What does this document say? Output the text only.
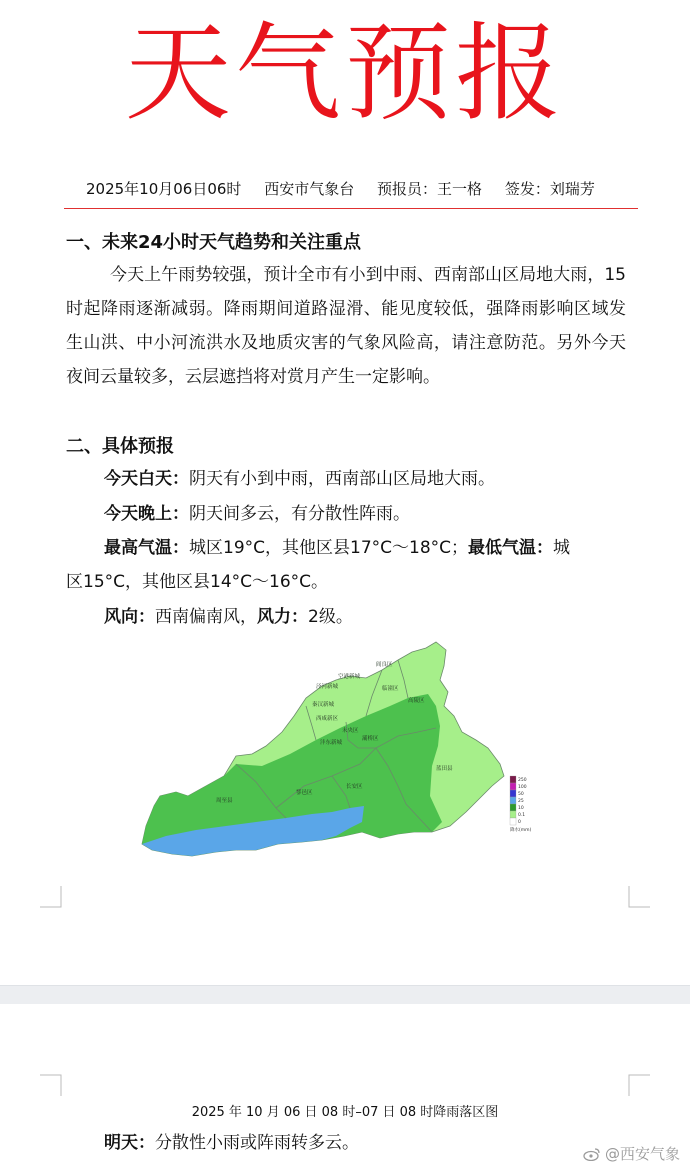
天气预报
2025年10月06日06时 西安市气象台 预报员：王一格 签发：刘瑞芳
一、未来24小时天气趋势和关注重点
今天上午雨势较强，预计全市有小到中雨、西南部山区局地大雨，15时起降雨逐渐减弱。降雨期间道路湿滑、能见度较低，强降雨影响区域发生山洪、中小河流洪水及地质灾害的气象风险高，请注意防范。另外今天夜间云量较多，云层遮挡将对赏月产生一定影响。
二、具体预报
今天白天：阴天有小到中雨，西南部山区局地大雨。
今天晚上：阴天间多云，有分散性阵雨。
最高气温：城区19°C，其他区县17°C～18°C；最低气温：城
区15°C，其他区县14°C～16°C。
风向：西南偏南风，风力：2级。
阎良区
临潼区
高陵区
泾河新城
秦汉新城
空港新城
西咸新区
未央区
灞桥区
沣东新城
长安区
鄠邑区
周至县
蓝田县
250
100
50
25
10
0.1
0
降水(mm)
2025 年 10 月 06 日 08 时–07 日 08 时降雨落区图
明天：分散性小雨或阵雨转多云。
@西安气象
